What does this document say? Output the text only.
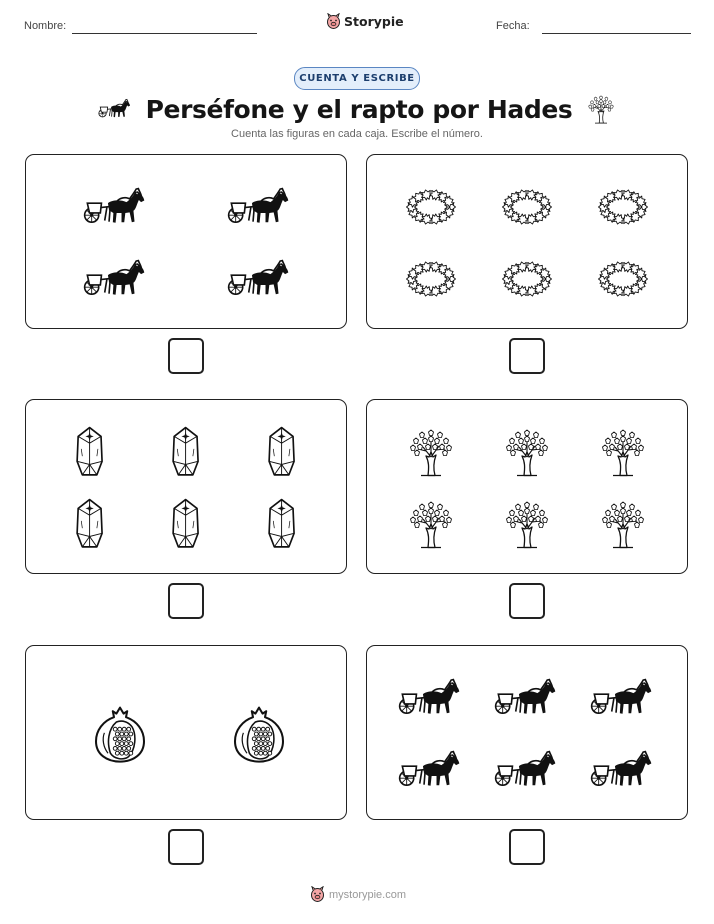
Nombre:	Storypie	Fecha:
CUENTA Y ESCRIBE
Perséfone y el rapto por Hades
Cuenta las figuras en cada caja. Escribe el número.
mystorypie.com
